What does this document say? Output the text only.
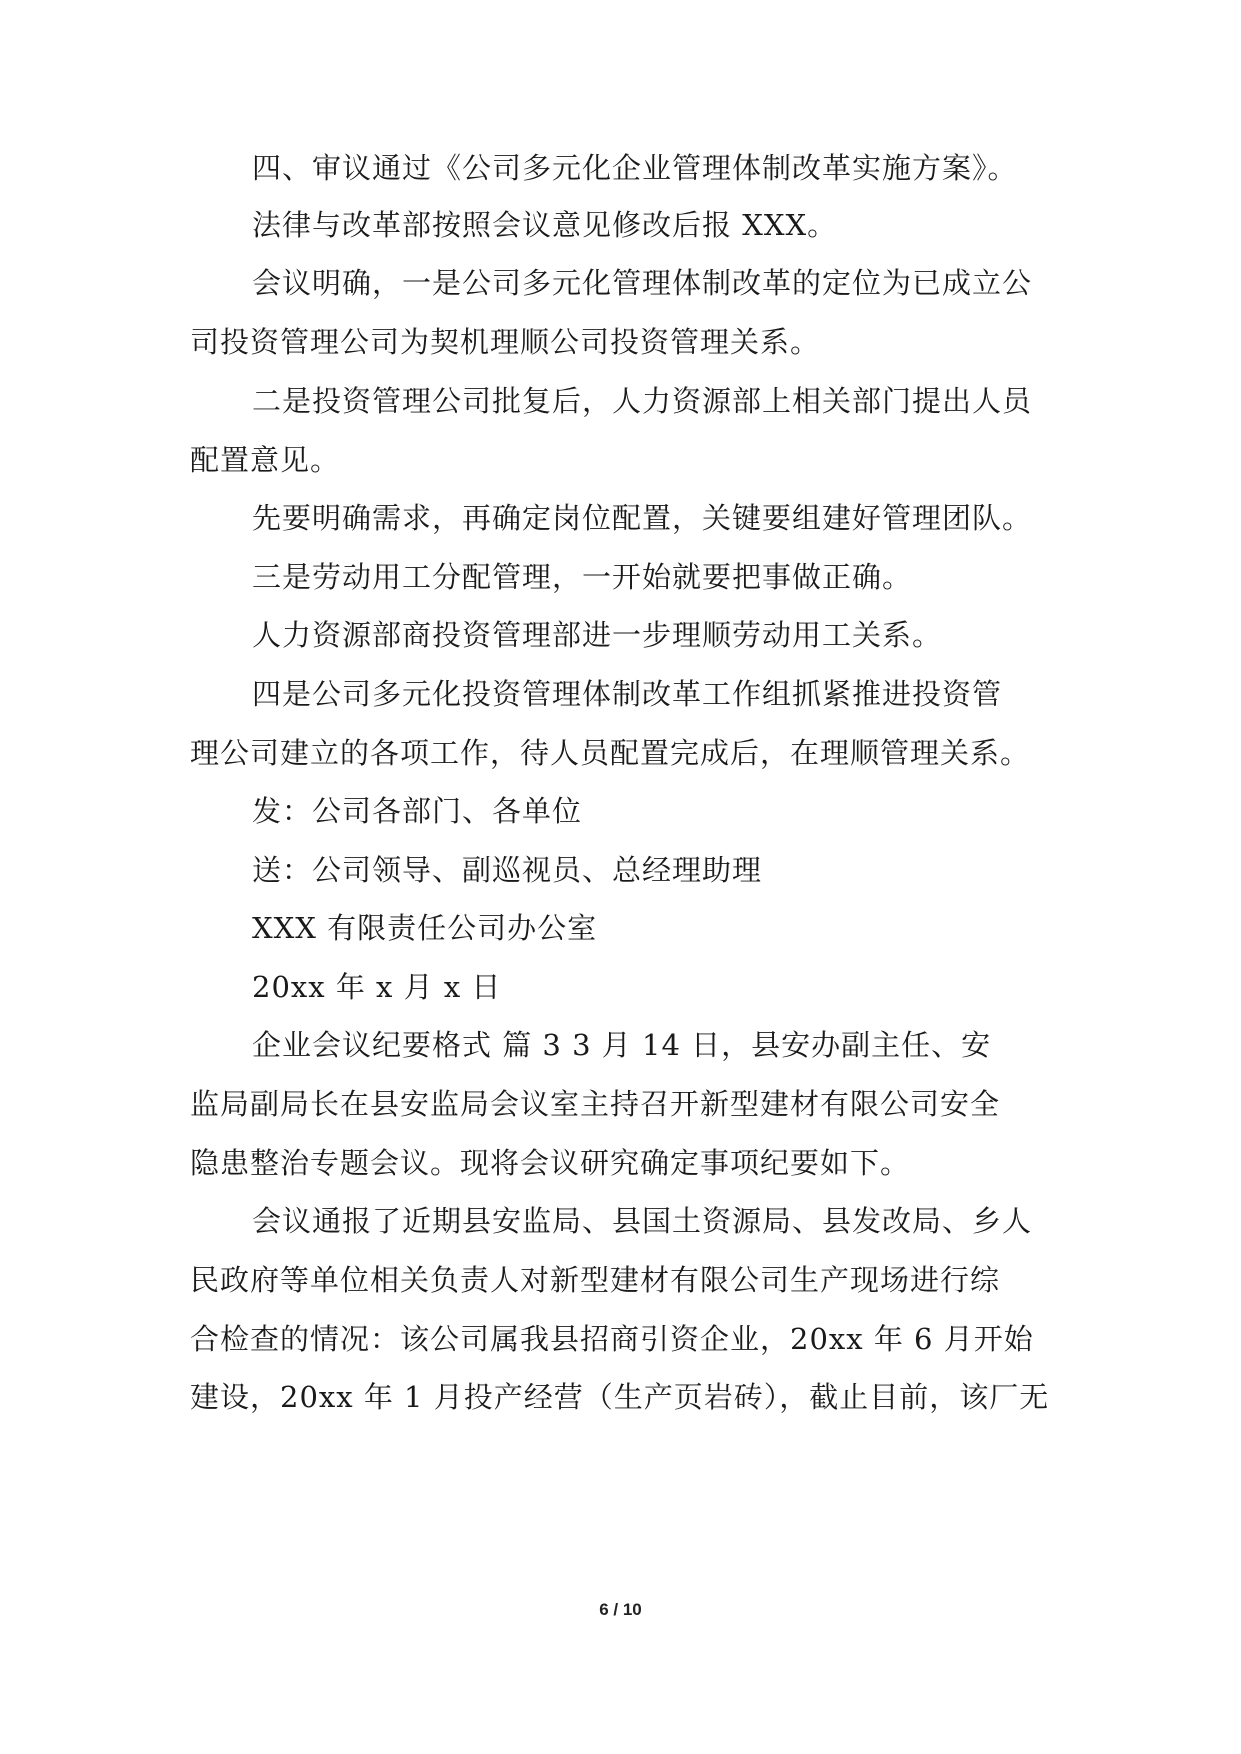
四、审议通过《公司多元化企业管理体制改革实施方案》。
法律与改革部按照会议意见修改后报 XXX。
会议明确，一是公司多元化管理体制改革的定位为已成立公
司投资管理公司为契机理顺公司投资管理关系。
二是投资管理公司批复后，人力资源部上相关部门提出人员
配置意见。
先要明确需求，再确定岗位配置，关键要组建好管理团队。
三是劳动用工分配管理，一开始就要把事做正确。
人力资源部商投资管理部进一步理顺劳动用工关系。
四是公司多元化投资管理体制改革工作组抓紧推进投资管
理公司建立的各项工作，待人员配置完成后，在理顺管理关系。
发：公司各部门、各单位
送：公司领导、副巡视员、总经理助理
XXX 有限责任公司办公室
20xx 年 x 月 x 日
企业会议纪要格式 篇 3 3 月 14 日，县安办副主任、安
监局副局长在县安监局会议室主持召开新型建材有限公司安全
隐患整治专题会议。现将会议研究确定事项纪要如下。
会议通报了近期县安监局、县国土资源局、县发改局、乡人
民政府等单位相关负责人对新型建材有限公司生产现场进行综
合检查的情况：该公司属我县招商引资企业，20xx 年 6 月开始
建设，20xx 年 1 月投产经营（生产页岩砖），截止目前，该厂无
6 / 10
